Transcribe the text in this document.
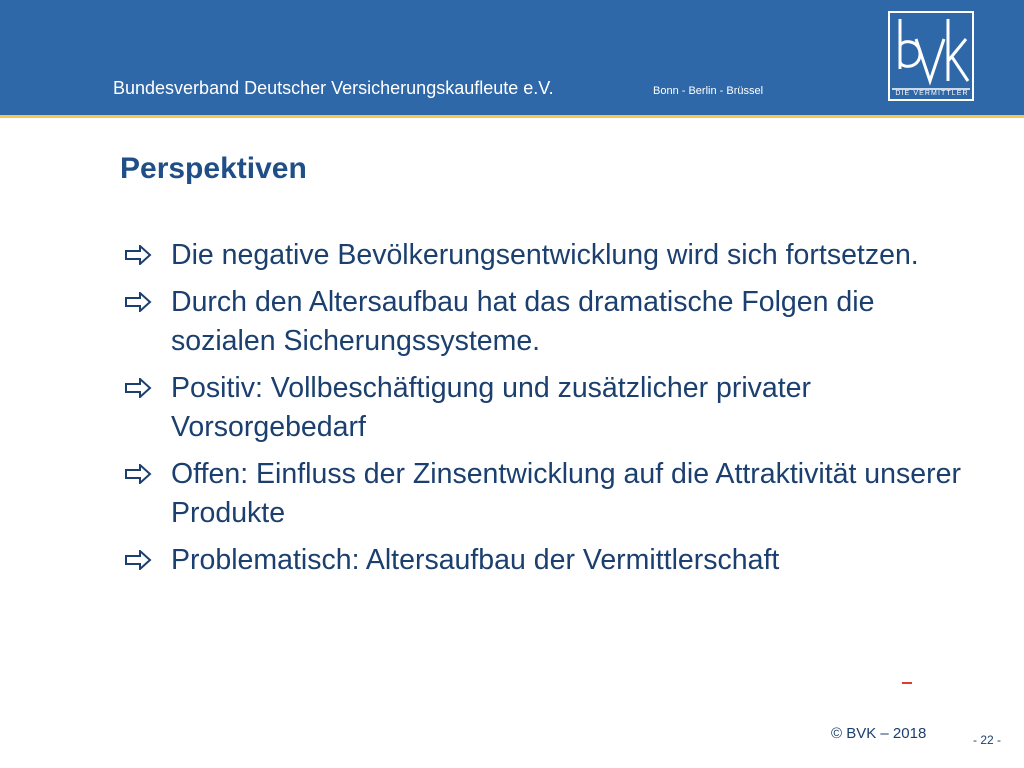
Bundesverband Deutscher Versicherungskaufleute e.V.	Bonn - Berlin - Brüssel	DIE VERMITTLER
Perspektiven
Die negative Bevölkerungsentwicklung wird sich fortsetzen.
Durch den Altersaufbau hat das dramatische Folgen die sozialen Sicherungssysteme.
Positiv: Vollbeschäftigung und zusätzlicher privater Vorsorgebedarf
Offen: Einfluss der Zinsentwicklung auf die Attraktivität unserer Produkte
Problematisch: Altersaufbau der Vermittlerschaft
© BVK – 2018	- 22 -
